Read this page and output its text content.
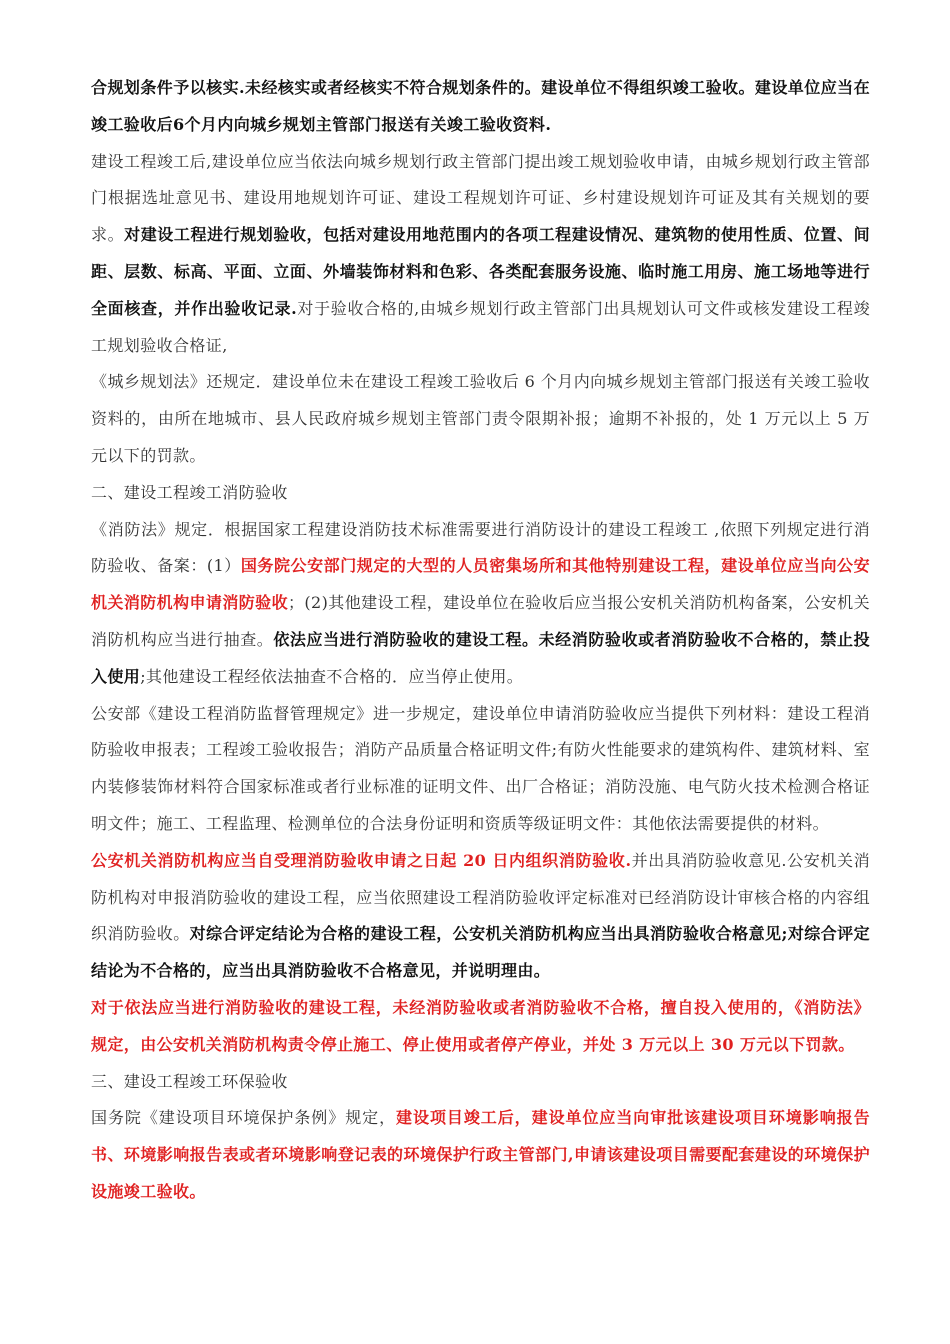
合规划条件予以核实.未经核实或者经核实不符合规划条件的。建设单位不得组织竣工验收。建设单位应当在竣工验收后6个月内向城乡规划主管部门报送有关竣工验收资料.

建设工程竣工后,建设单位应当依法向城乡规划行政主管部门提出竣工规划验收申请，由城乡规划行政主管部门根据选址意见书、建设用地规划许可证、建设工程规划许可证、乡村建设规划许可证及其有关规划的要求。对建设工程进行规划验收，包括对建设用地范围内的各项工程建设情况、建筑物的使用性质、位置、间距、层数、标高、平面、立面、外墙装饰材料和色彩、各类配套服务设施、临时施工用房、施工场地等进行全面核查，并作出验收记录.对于验收合格的,由城乡规划行政主管部门出具规划认可文件或核发建设工程竣工规划验收合格证,

《城乡规划法》还规定．建设单位未在建设工程竣工验收后 6 个月内向城乡规划主管部门报送有关竣工验收资料的，由所在地城市、县人民政府城乡规划主管部门责令限期补报；逾期不补报的，处 1 万元以上 5 万元以下的罚款。

二、建设工程竣工消防验收

《消防法》规定．根据国家工程建设消防技术标准需要进行消防设计的建设工程竣工 ,依照下列规定进行消防验收、备案：(1）国务院公安部门规定的大型的人员密集场所和其他特别建设工程，建设单位应当向公安机关消防机构申请消防验收；(2)其他建设工程，建设单位在验收后应当报公安机关消防机构备案，公安机关消防机构应当进行抽查。依法应当进行消防验收的建设工程。未经消防验收或者消防验收不合格的，禁止投入使用;其他建设工程经依法抽查不合格的．应当停止使用。

公安部《建设工程消防监督管理规定》进一步规定，建设单位申请消防验收应当提供下列材料：建设工程消防验收申报表；工程竣工验收报告；消防产品质量合格证明文件;有防火性能要求的建筑构件、建筑材料、室内装修装饰材料符合国家标准或者行业标准的证明文件、出厂合格证；消防没施、电气防火技术检测合格证明文件；施工、工程监理、检测单位的合法身份证明和资质等级证明文件：其他依法需要提供的材料。

公安机关消防机构应当自受理消防验收申请之日起 20 日内组织消防验收.并出具消防验收意见.公安机关消防机构对申报消防验收的建设工程，应当依照建设工程消防验收评定标准对已经消防设计审核合格的内容组织消防验收。对综合评定结论为合格的建设工程，公安机关消防机构应当出具消防验收合格意见;对综合评定结论为不合格的，应当出具消防验收不合格意见，并说明理由。

对于依法应当进行消防验收的建设工程，未经消防验收或者消防验收不合格，擅自投入使用的，《消防法》规定，由公安机关消防机构责令停止施工、停止使用或者停产停业，并处 3 万元以上 30 万元以下罚款。

三、建设工程竣工环保验收

国务院《建设项目环境保护条例》规定，建设项目竣工后，建设单位应当向审批该建设项目环境影响报告书、环境影响报告表或者环境影响登记表的环境保护行政主管部门,申请该建设项目需要配套建设的环境保护设施竣工验收。
